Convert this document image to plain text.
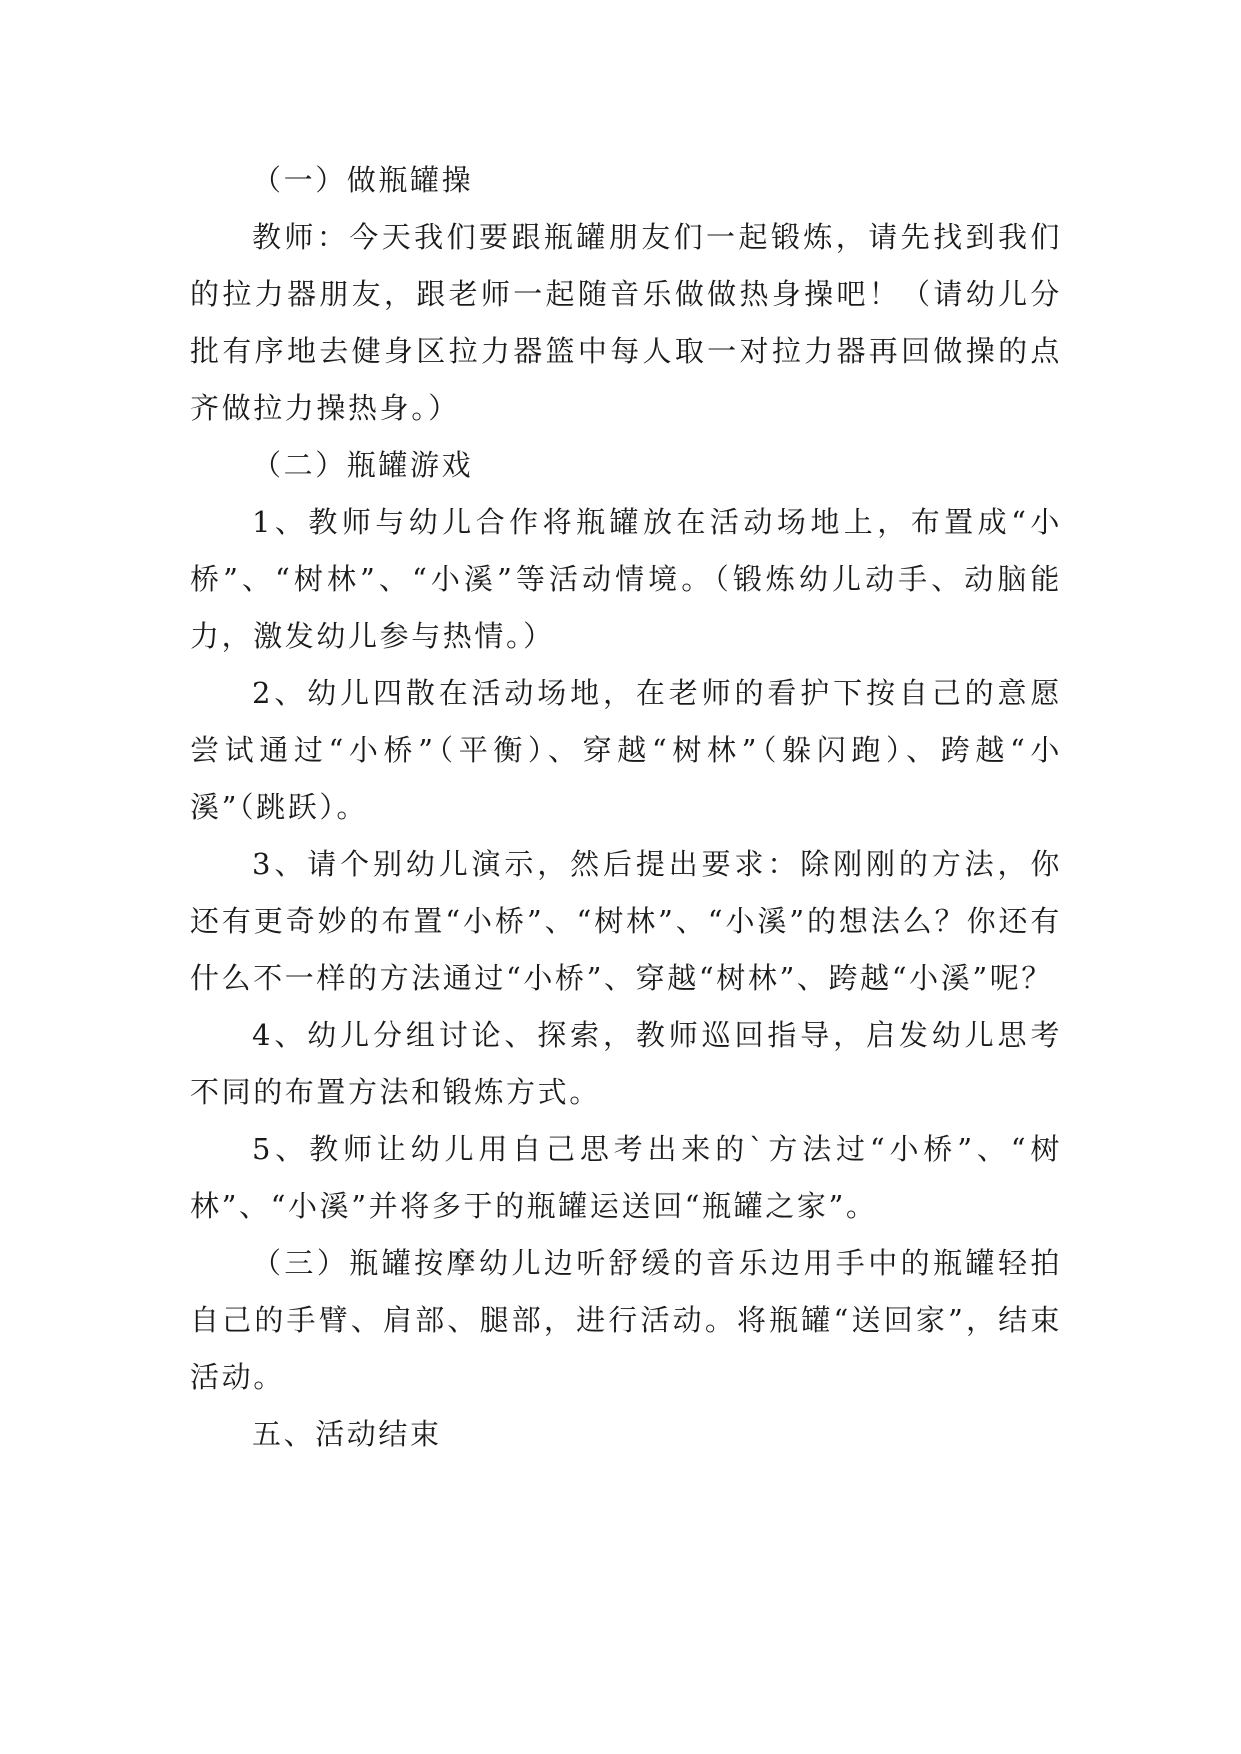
（一）做瓶罐操

教师：今天我们要跟瓶罐朋友们一起锻炼，请先找到我们的拉力器朋友，跟老师一起随音乐做做热身操吧！（请幼儿分批有序地去健身区拉力器篮中每人取一对拉力器再回做操的点齐做拉力操热身。）

（二）瓶罐游戏

1、教师与幼儿合作将瓶罐放在活动场地上，布置成“小桥”、“树林”、“小溪”等活动情境。（锻炼幼儿动手、动脑能力，激发幼儿参与热情。）

2、幼儿四散在活动场地，在老师的看护下按自己的意愿尝试通过“小桥”（平衡）、穿越“树林”（躲闪跑）、跨越“小溪”（跳跃）。

3、请个别幼儿演示，然后提出要求：除刚刚的方法，你还有更奇妙的布置“小桥”、“树林”、“小溪”的想法么？你还有什么不一样的方法通过“小桥”、穿越“树林”、跨越“小溪”呢？

4、幼儿分组讨论、探索，教师巡回指导，启发幼儿思考不同的布置方法和锻炼方式。

5、教师让幼儿用自己思考出来的`方法过“小桥”、“树林”、“小溪”并将多于的瓶罐运送回“瓶罐之家”。

（三）瓶罐按摩幼儿边听舒缓的音乐边用手中的瓶罐轻拍自己的手臂、肩部、腿部，进行活动。将瓶罐“送回家”，结束活动。

五、活动结束
